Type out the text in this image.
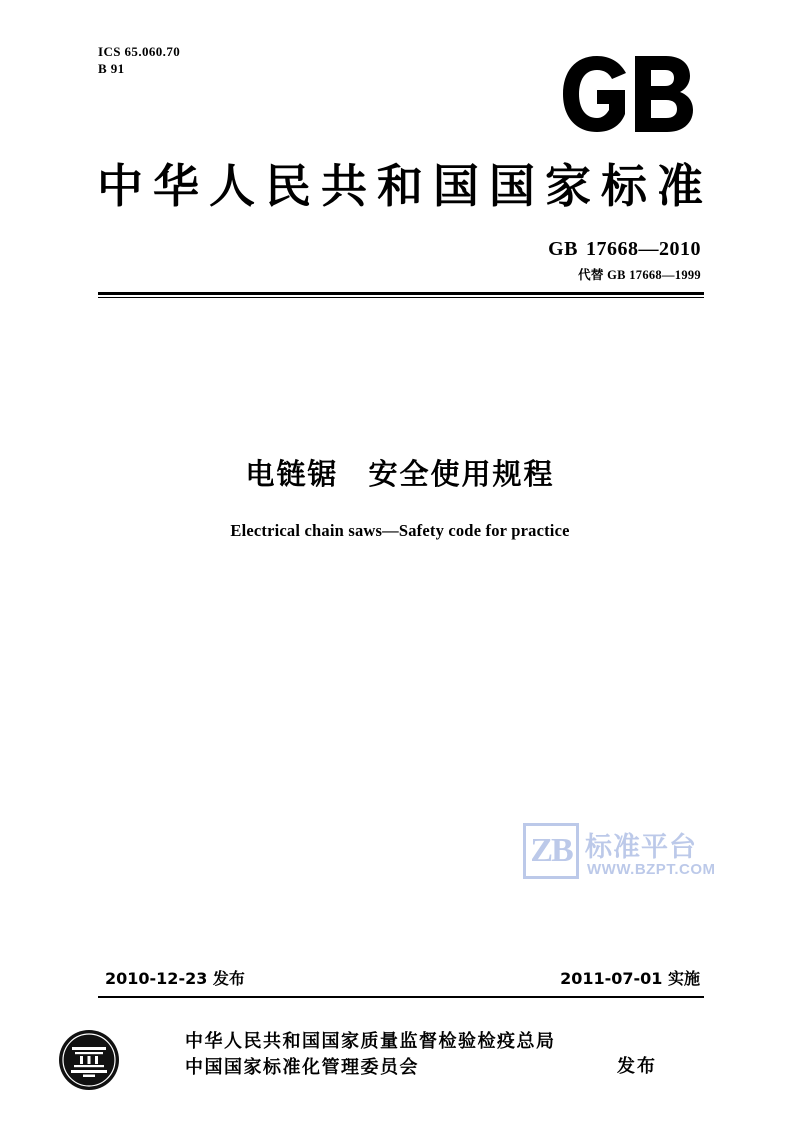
ICS 65.060.70
B 91
中华人民共和国国家标准
GB 17668—2010
代替 GB 17668—1999
电链锯 安全使用规程
Electrical chain saws—Safety code for practice
ZB 标准平台
WWW.BZPT.COM
2010-12-23 发布	2011-07-01 实施
中华人民共和国国家质量监督检验检疫总局
中国国家标准化管理委员会	发布
